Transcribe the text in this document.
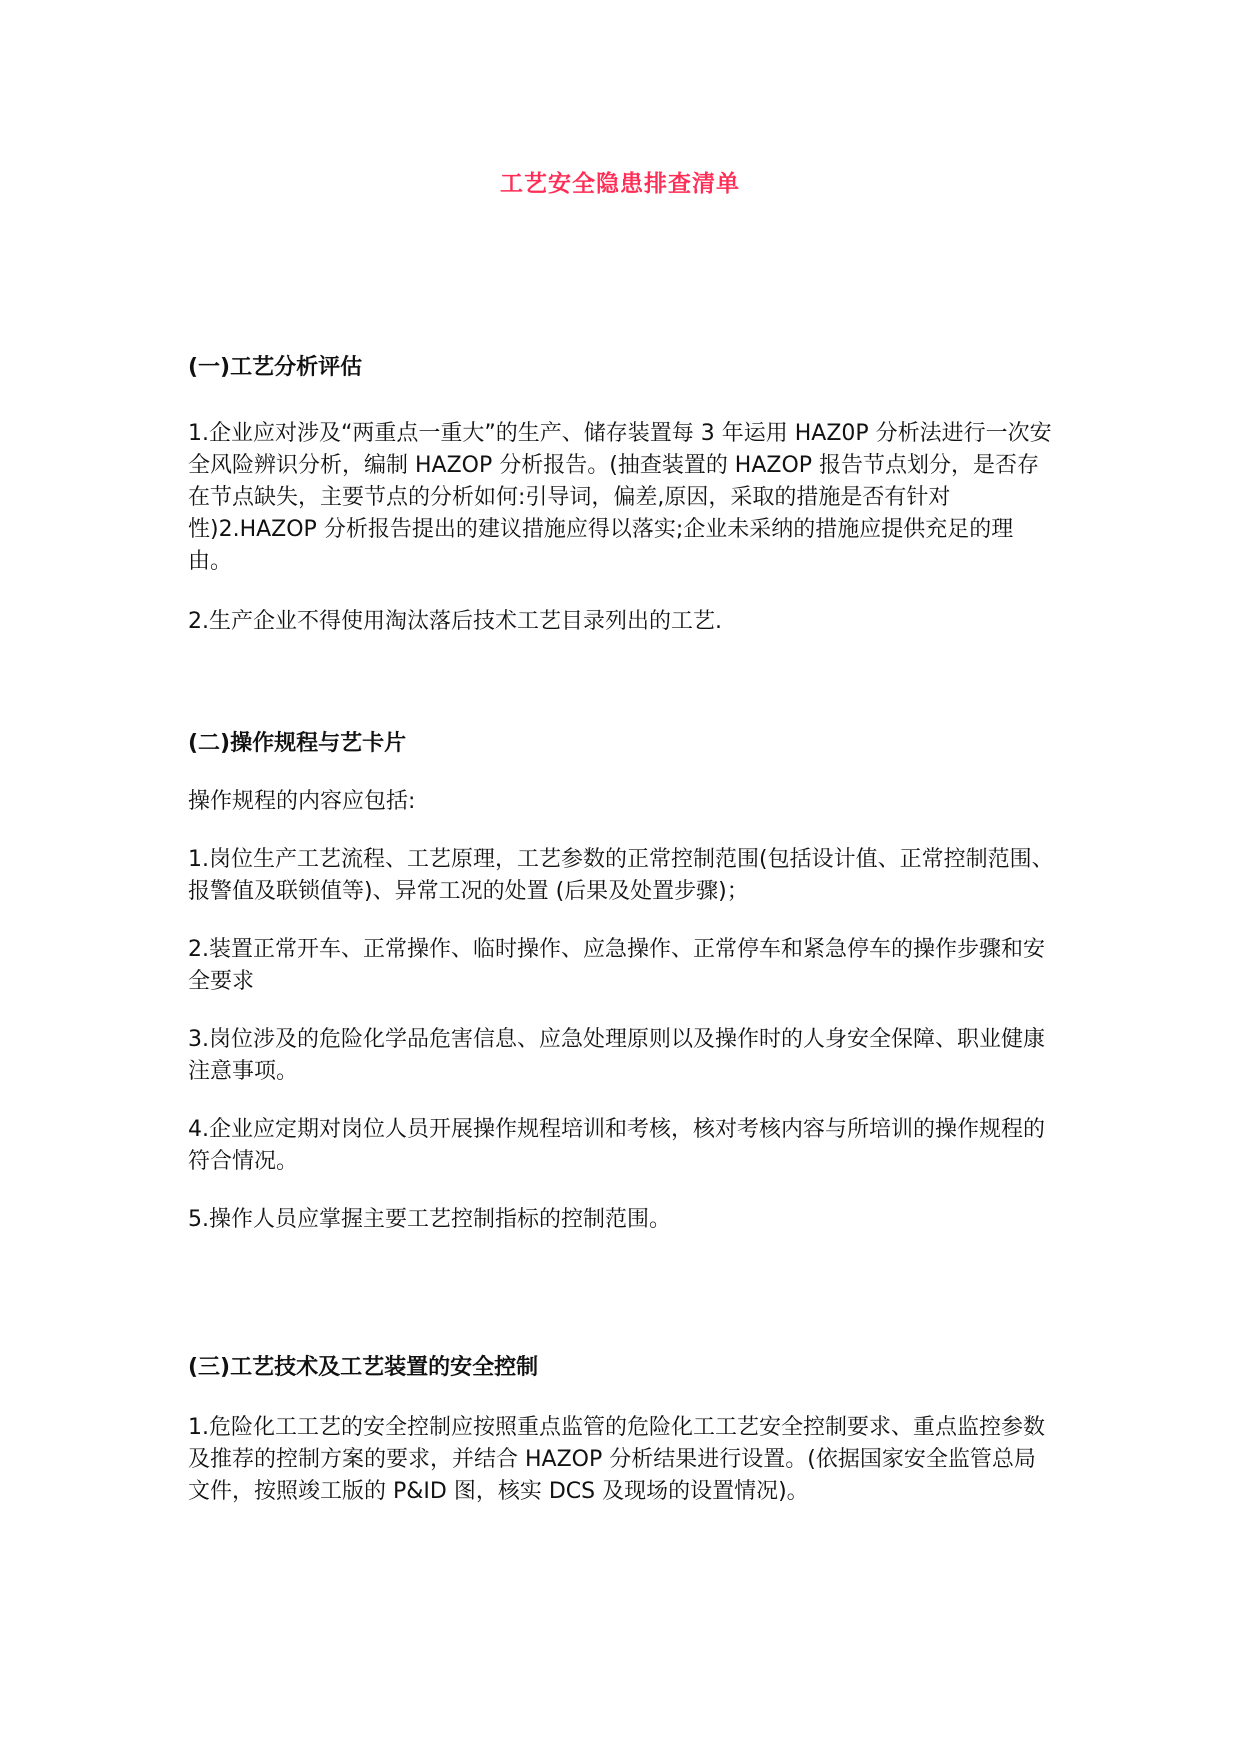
工艺安全隐患排查清单
(一)工艺分析评估

1.企业应对涉及“两重点一重大”的生产、储存装置每 3 年运用 HAZ0P 分析法进行一次安全风险辨识分析，编制 HAZOP 分析报告。(抽查装置的 HAZOP 报告节点划分，是否存在节点缺失，主要节点的分析如何:引导词，偏差,原因，采取的措施是否有针对性)2.HAZOP 分析报告提出的建议措施应得以落实;企业未采纳的措施应提供充足的理由。

2.生产企业不得使用淘汰落后技术工艺目录列出的工艺.

(二)操作规程与艺卡片

操作规程的内容应包括:

1.岗位生产工艺流程、工艺原理，工艺参数的正常控制范围(包括设计值、正常控制范围、报警值及联锁值等)、异常工况的处置 (后果及处置步骤)；

2.装置正常开车、正常操作、临时操作、应急操作、正常停车和紧急停车的操作步骤和安全要求

3.岗位涉及的危险化学品危害信息、应急处理原则以及操作时的人身安全保障、职业健康注意事项。

4.企业应定期对岗位人员开展操作规程培训和考核，核对考核内容与所培训的操作规程的符合情况。

5.操作人员应掌握主要工艺控制指标的控制范围。

(三)工艺技术及工艺装置的安全控制

1.危险化工工艺的安全控制应按照重点监管的危险化工工艺安全控制要求、重点监控参数及推荐的控制方案的要求，并结合 HAZOP 分析结果进行设置。(依据国家安全监管总局文件，按照竣工版的 P&ID 图，核实 DCS 及现场的设置情况)。
